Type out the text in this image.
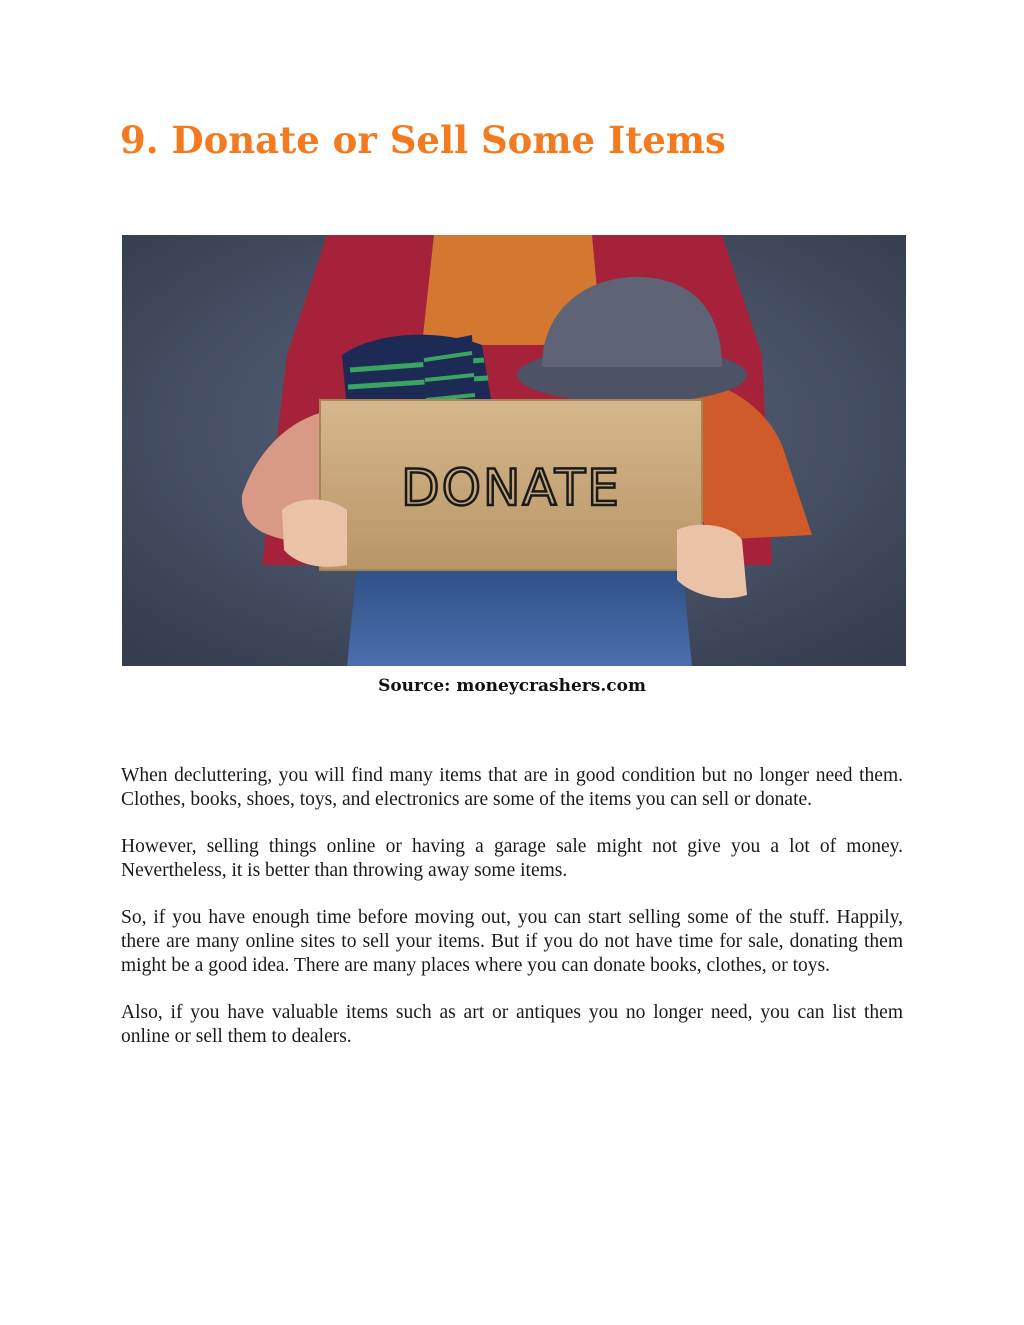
9. Donate or Sell Some Items
DONATE
Source: moneycrashers.com

When decluttering, you will find many items that are in good condition but no longer need them. Clothes, books, shoes, toys, and electronics are some of the items you can sell or donate.

However, selling things online or having a garage sale might not give you a lot of money. Nevertheless, it is better than throwing away some items.

So, if you have enough time before moving out, you can start selling some of the stuff. Happily, there are many online sites to sell your items. But if you do not have time for sale, donating them might be a good idea. There are many places where you can donate books, clothes, or toys.

Also, if you have valuable items such as art or antiques you no longer need, you can list them online or sell them to dealers.
